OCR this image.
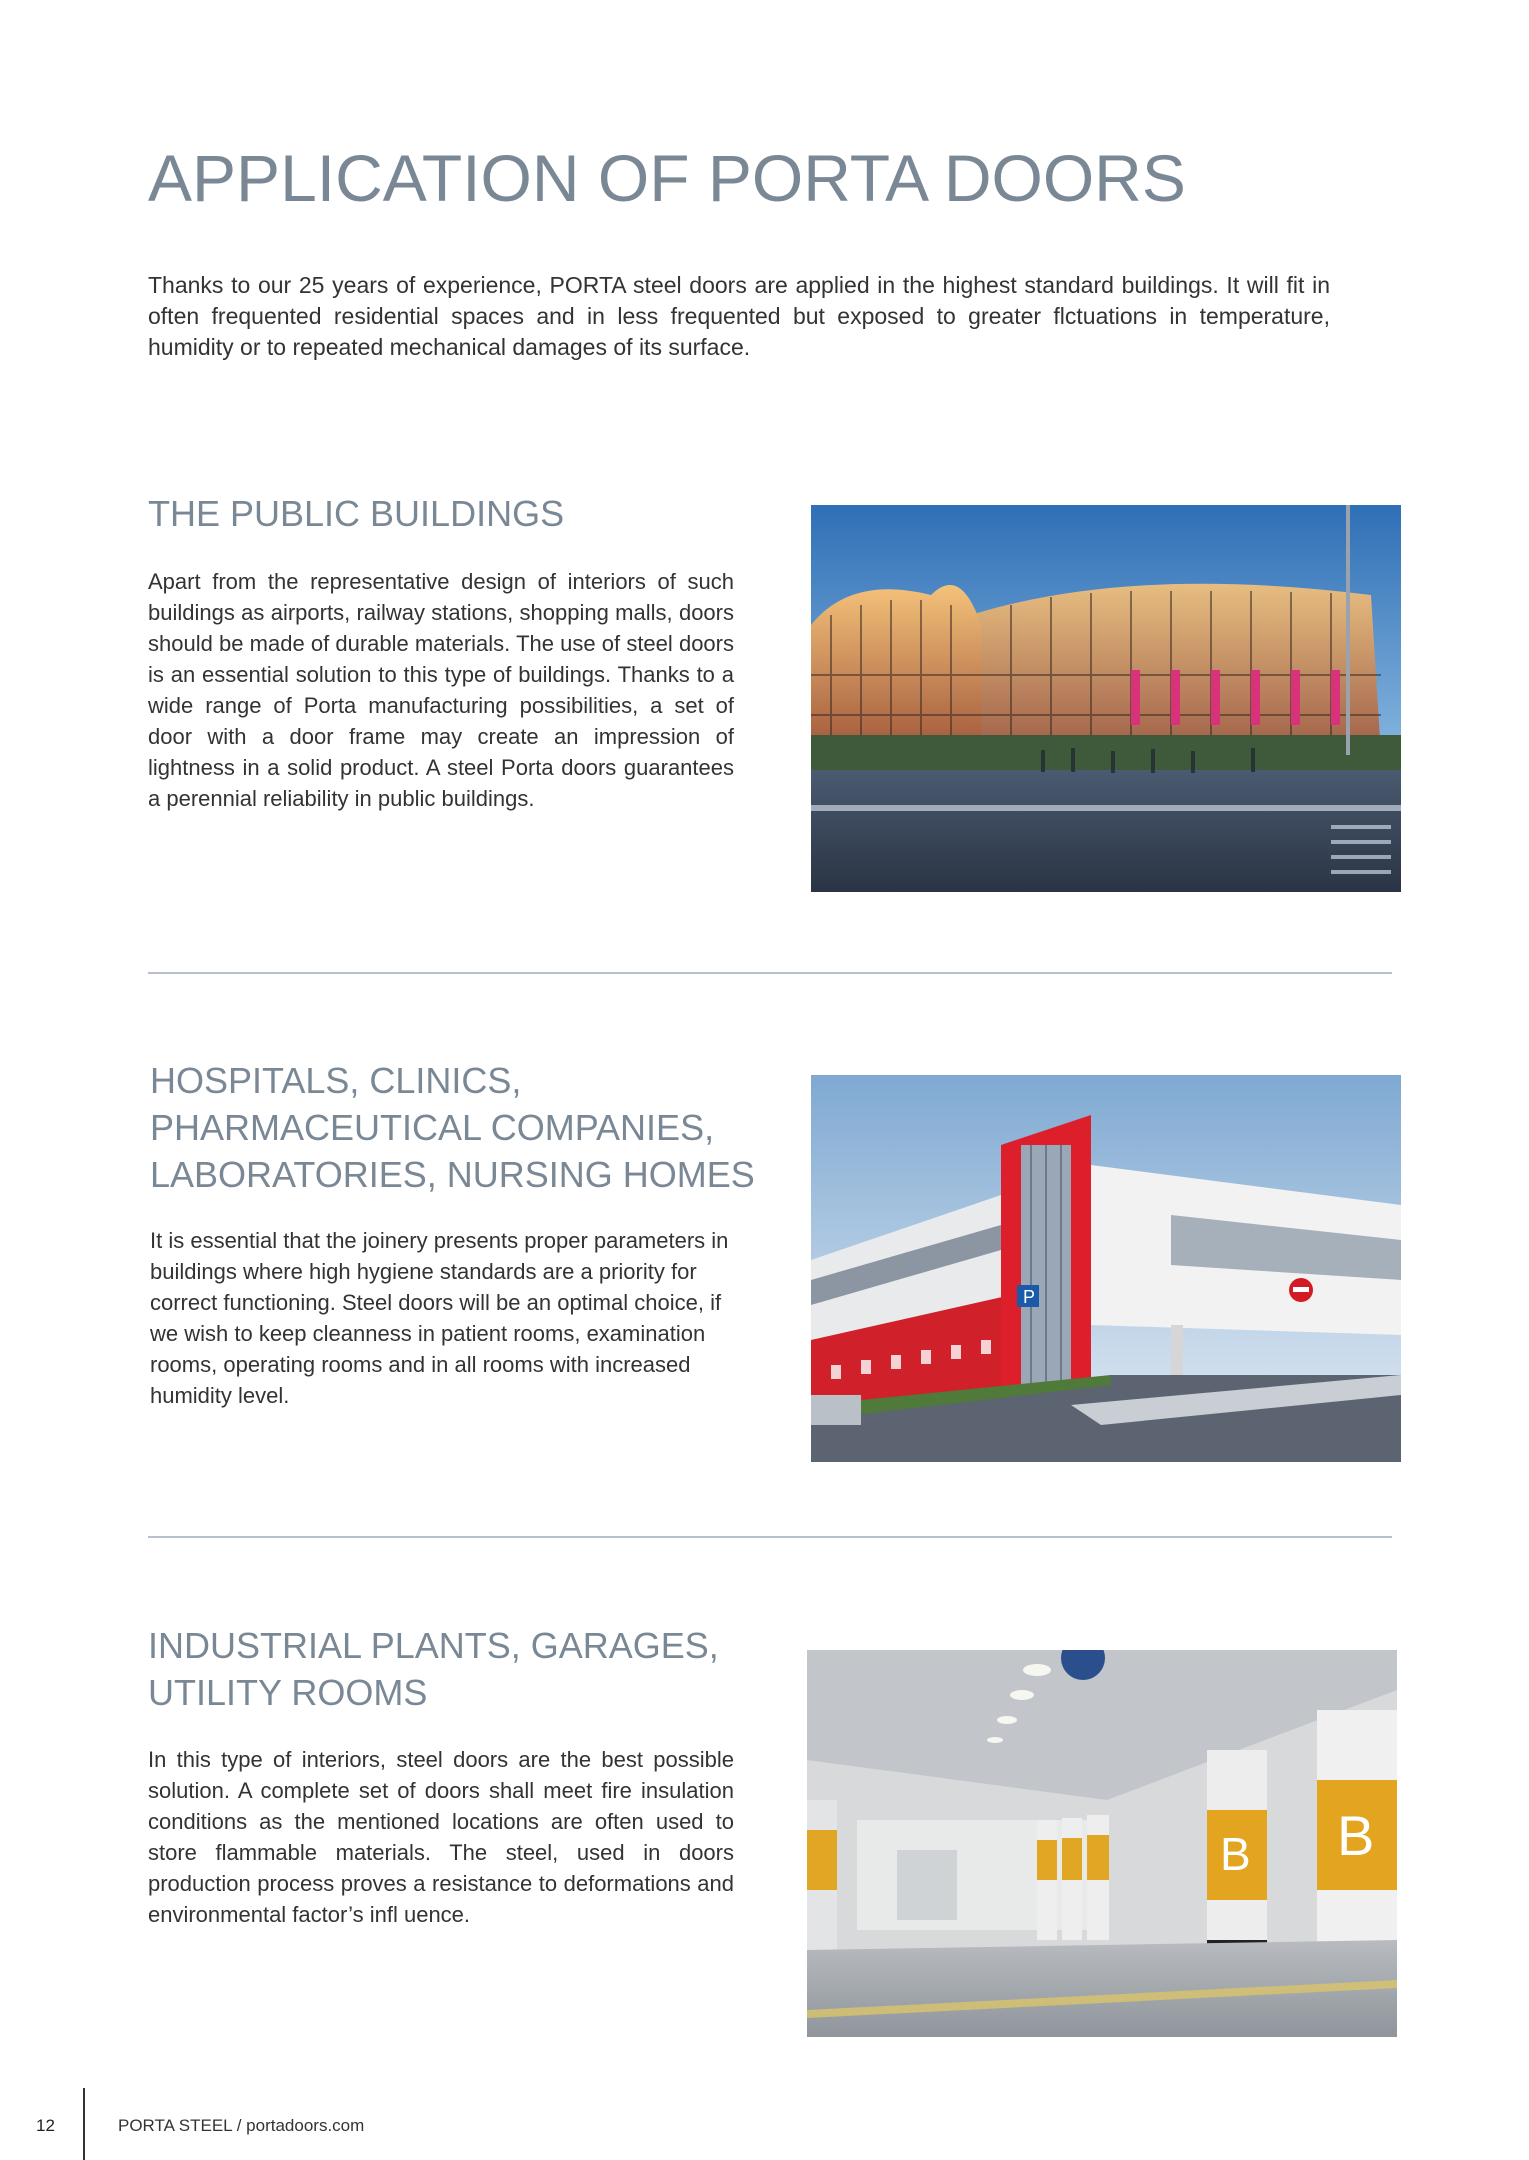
APPLICATION OF PORTA DOORS

Thanks to our 25 years of experience, PORTA steel doors are applied in the highest standard buildings. It will fit in often frequented residential spaces and in less frequented but exposed to greater flctuations in temperature, humidity or to repeated mechanical damages of its surface.

THE PUBLIC BUILDINGS

Apart from the representative design of interiors of such buildings as airports, railway stations, shopping malls, doors should be made of durable materials. The use of steel doors is an essential solution to this type of buildings. Thanks to a wide range of Porta manufacturing possibilities, a set of door with a door frame may create an impression of lightness in a solid product. A steel Porta doors guarantees a perennial reliability in public buildings.

HOSPITALS, CLINICS,
PHARMACEUTICAL COMPANIES,
LABORATORIES, NURSING HOMES

It is essential that the joinery presents proper parameters in buildings where high hygiene standards are a priority for correct functioning. Steel doors will be an optimal choice, if we wish to keep cleanness in patient rooms, examination rooms, operating rooms and in all rooms with increased humidity level.

P
INDUSTRIAL PLANTS, GARAGES,
UTILITY ROOMS

In this type of interiors, steel doors are the best possible solution. A complete set of doors shall meet fire insulation conditions as the mentioned locations are often used to store flammable materials. The steel, used in doors production process proves a resistance to deformations and environmental factor’s infl uence.

B B
12	PORTA STEEL / portadoors.com
